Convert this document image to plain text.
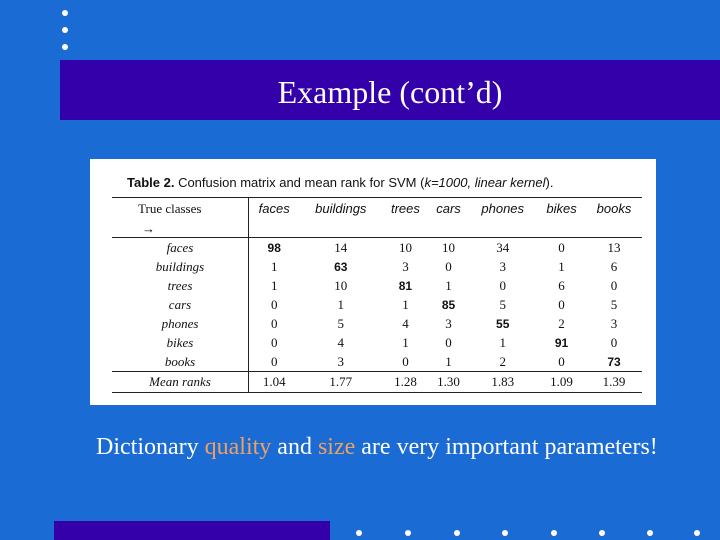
Example (cont’d)
Table 2. Confusion matrix and mean rank for SVM (k=1000, linear kernel).
True classes	faces	buildings	trees	cars	phones	bikes	books
→							
faces	98	14	10	10	34	0	13
buildings	1	63	3	0	3	1	6
trees	1	10	81	1	0	6	0
cars	0	1	1	85	5	0	5
phones	0	5	4	3	55	2	3
bikes	0	4	1	0	1	91	0
books	0	3	0	1	2	0	73
Mean ranks	1.04	1.77	1.28	1.30	1.83	1.09	1.39
Dictionary quality and size are very important parameters!
